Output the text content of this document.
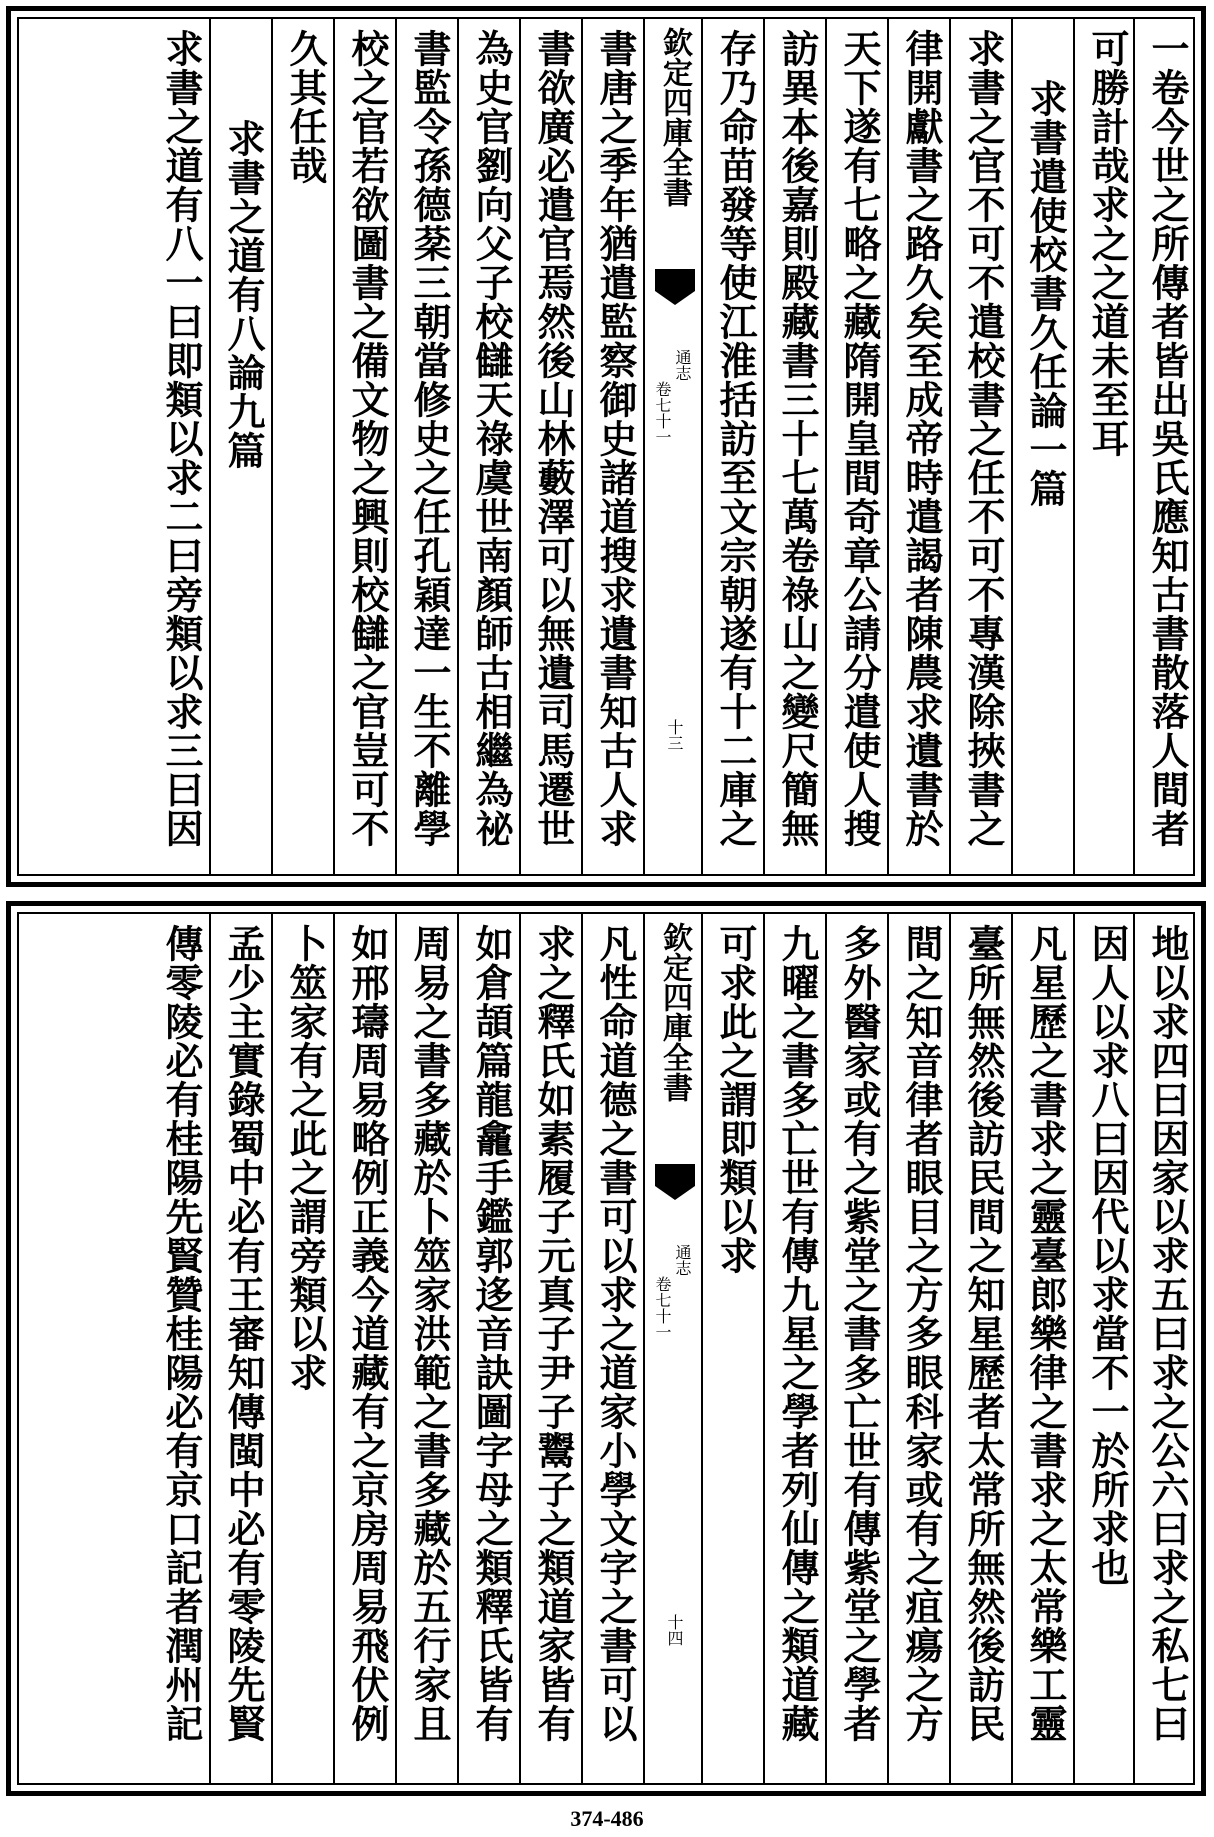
一卷今世之所傳者皆出吳氏應知古書散落人間者
可勝計哉求之之道未至耳
求書遣使校書久任論一篇
求書之官不可不遣校書之任不可不專漢除挾書之
律開獻書之路久矣至成帝時遣謁者陳農求遺書於
天下遂有七略之藏隋開皇間奇章公請分遣使人搜
訪異本後嘉則殿藏書三十七萬卷祿山之變尺簡無
存乃命苗發等使江淮括訪至文宗朝遂有十二庫之
欽定四庫全書
通志
卷七十一
十三
書唐之季年猶遣監察御史諸道搜求遺書知古人求
書欲廣必遣官焉然後山林藪澤可以無遺司馬遷世
為史官劉向父子校讎天祿虞世南顏師古相繼為祕
書監令孫德棻三朝當修史之任孔穎達一生不離學
校之官若欲圖書之備文物之興則校讎之官豈可不
久其任哉
求書之道有八論九篇
求書之道有八一曰即類以求二曰旁類以求三曰因
地以求四曰因家以求五曰求之公六曰求之私七曰
因人以求八曰因代以求當不一於所求也
凡星歷之書求之靈臺郎樂律之書求之太常樂工靈
臺所無然後訪民間之知星歷者太常所無然後訪民
間之知音律者眼目之方多眼科家或有之疽瘍之方
多外醫家或有之紫堂之書多亡世有傳紫堂之學者
九曜之書多亡世有傳九星之學者列仙傳之類道藏
可求此之謂即類以求
欽定四庫全書
通志
卷七十一
十四
凡性命道德之書可以求之道家小學文字之書可以
求之釋氏如素履子元真子尹子鬻子之類道家皆有
如倉頡篇龍龕手鑑郭迻音訣圖字母之類釋氏皆有
周易之書多藏於卜筮家洪範之書多藏於五行家且
如邢璹周易略例正義今道藏有之京房周易飛伏例
卜筮家有之此之謂旁類以求
孟少主實錄蜀中必有王審知傳閩中必有零陵先賢
傳零陵必有桂陽先賢贊桂陽必有京口記者潤州記
374-486
